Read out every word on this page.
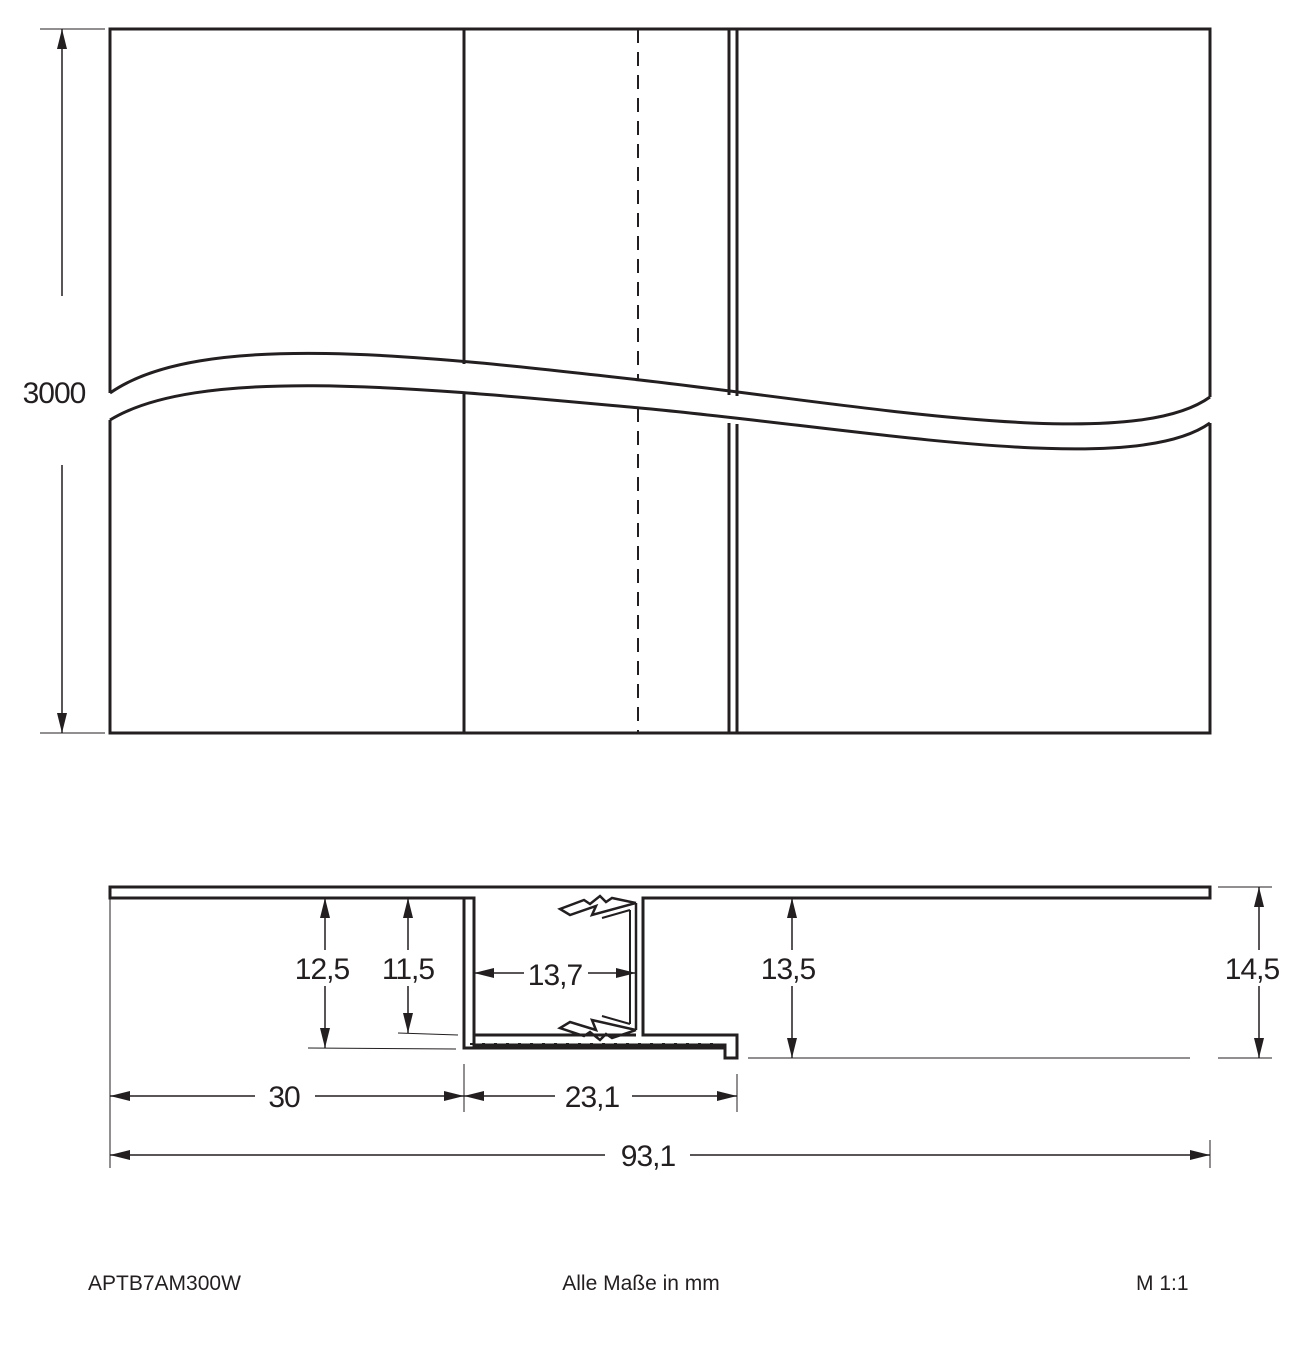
3000
12,5 11,5	13,7	13,5	14,5
30	23,1
93,1
APTB7AM300W	Alle Maße in mm	M 1:1
